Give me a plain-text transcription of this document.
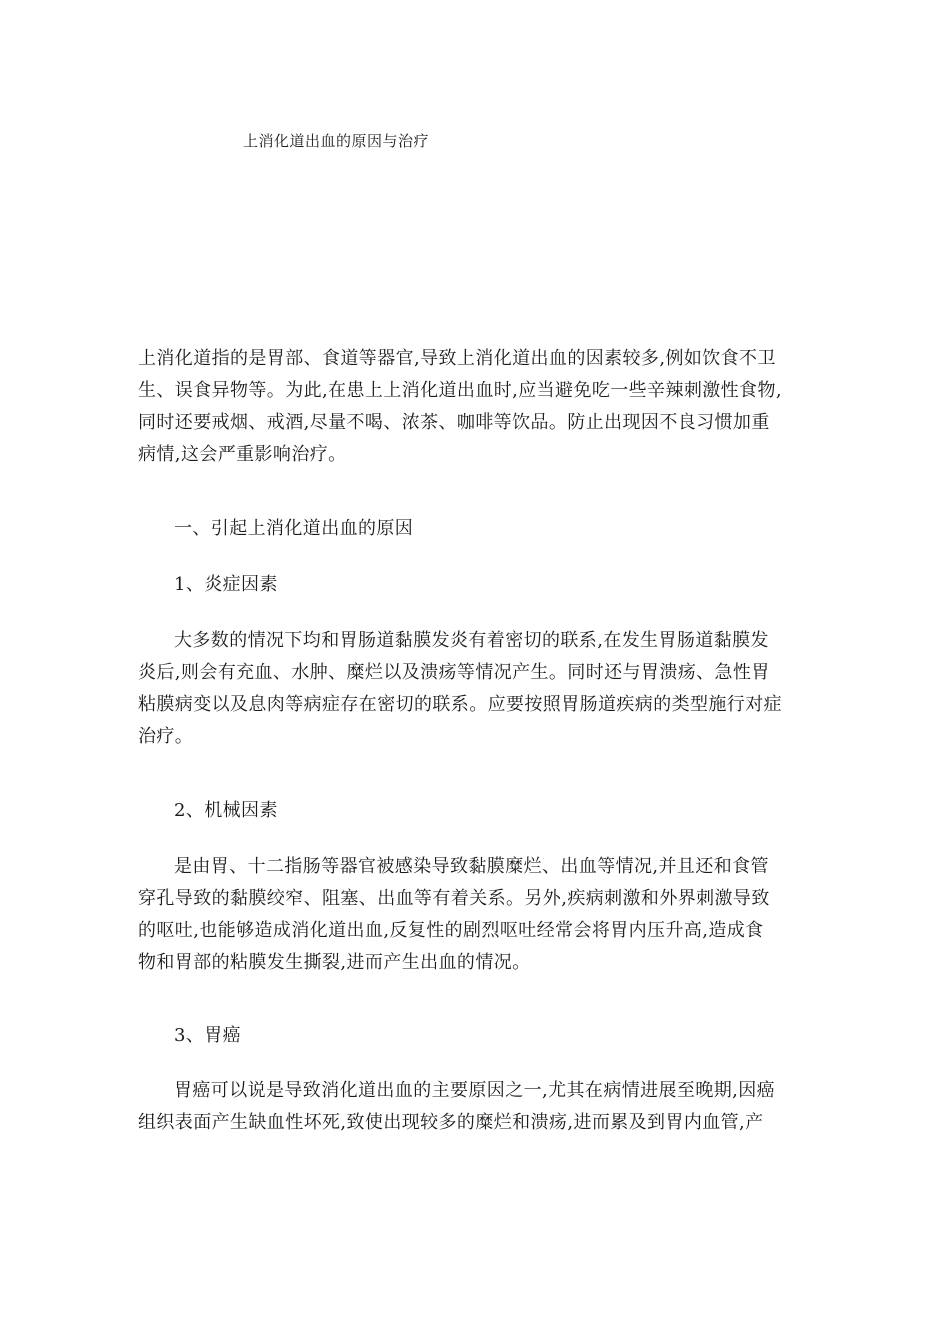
上消化道出血的原因与治疗
上消化道指的是胃部、食道等器官,导致上消化道出血的因素较多,例如饮食不卫
生、误食异物等。为此,在患上上消化道出血时,应当避免吃一些辛辣刺激性食物,
同时还要戒烟、戒酒,尽量不喝、浓茶、咖啡等饮品。防止出现因不良习惯加重
病情,这会严重影响治疗。
一、引起上消化道出血的原因
1、炎症因素
大多数的情况下均和胃肠道黏膜发炎有着密切的联系,在发生胃肠道黏膜发
炎后,则会有充血、水肿、糜烂以及溃疡等情况产生。同时还与胃溃疡、急性胃
粘膜病变以及息肉等病症存在密切的联系。应要按照胃肠道疾病的类型施行对症
治疗。
2、机械因素
是由胃、十二指肠等器官被感染导致黏膜糜烂、出血等情况,并且还和食管
穿孔导致的黏膜绞窄、阻塞、出血等有着关系。另外,疾病刺激和外界刺激导致
的呕吐,也能够造成消化道出血,反复性的剧烈呕吐经常会将胃内压升高,造成食
物和胃部的粘膜发生撕裂,进而产生出血的情况。
3、胃癌
胃癌可以说是导致消化道出血的主要原因之一,尤其在病情进展至晚期,因癌
组织表面产生缺血性坏死,致使出现较多的糜烂和溃疡,进而累及到胃内血管,产
